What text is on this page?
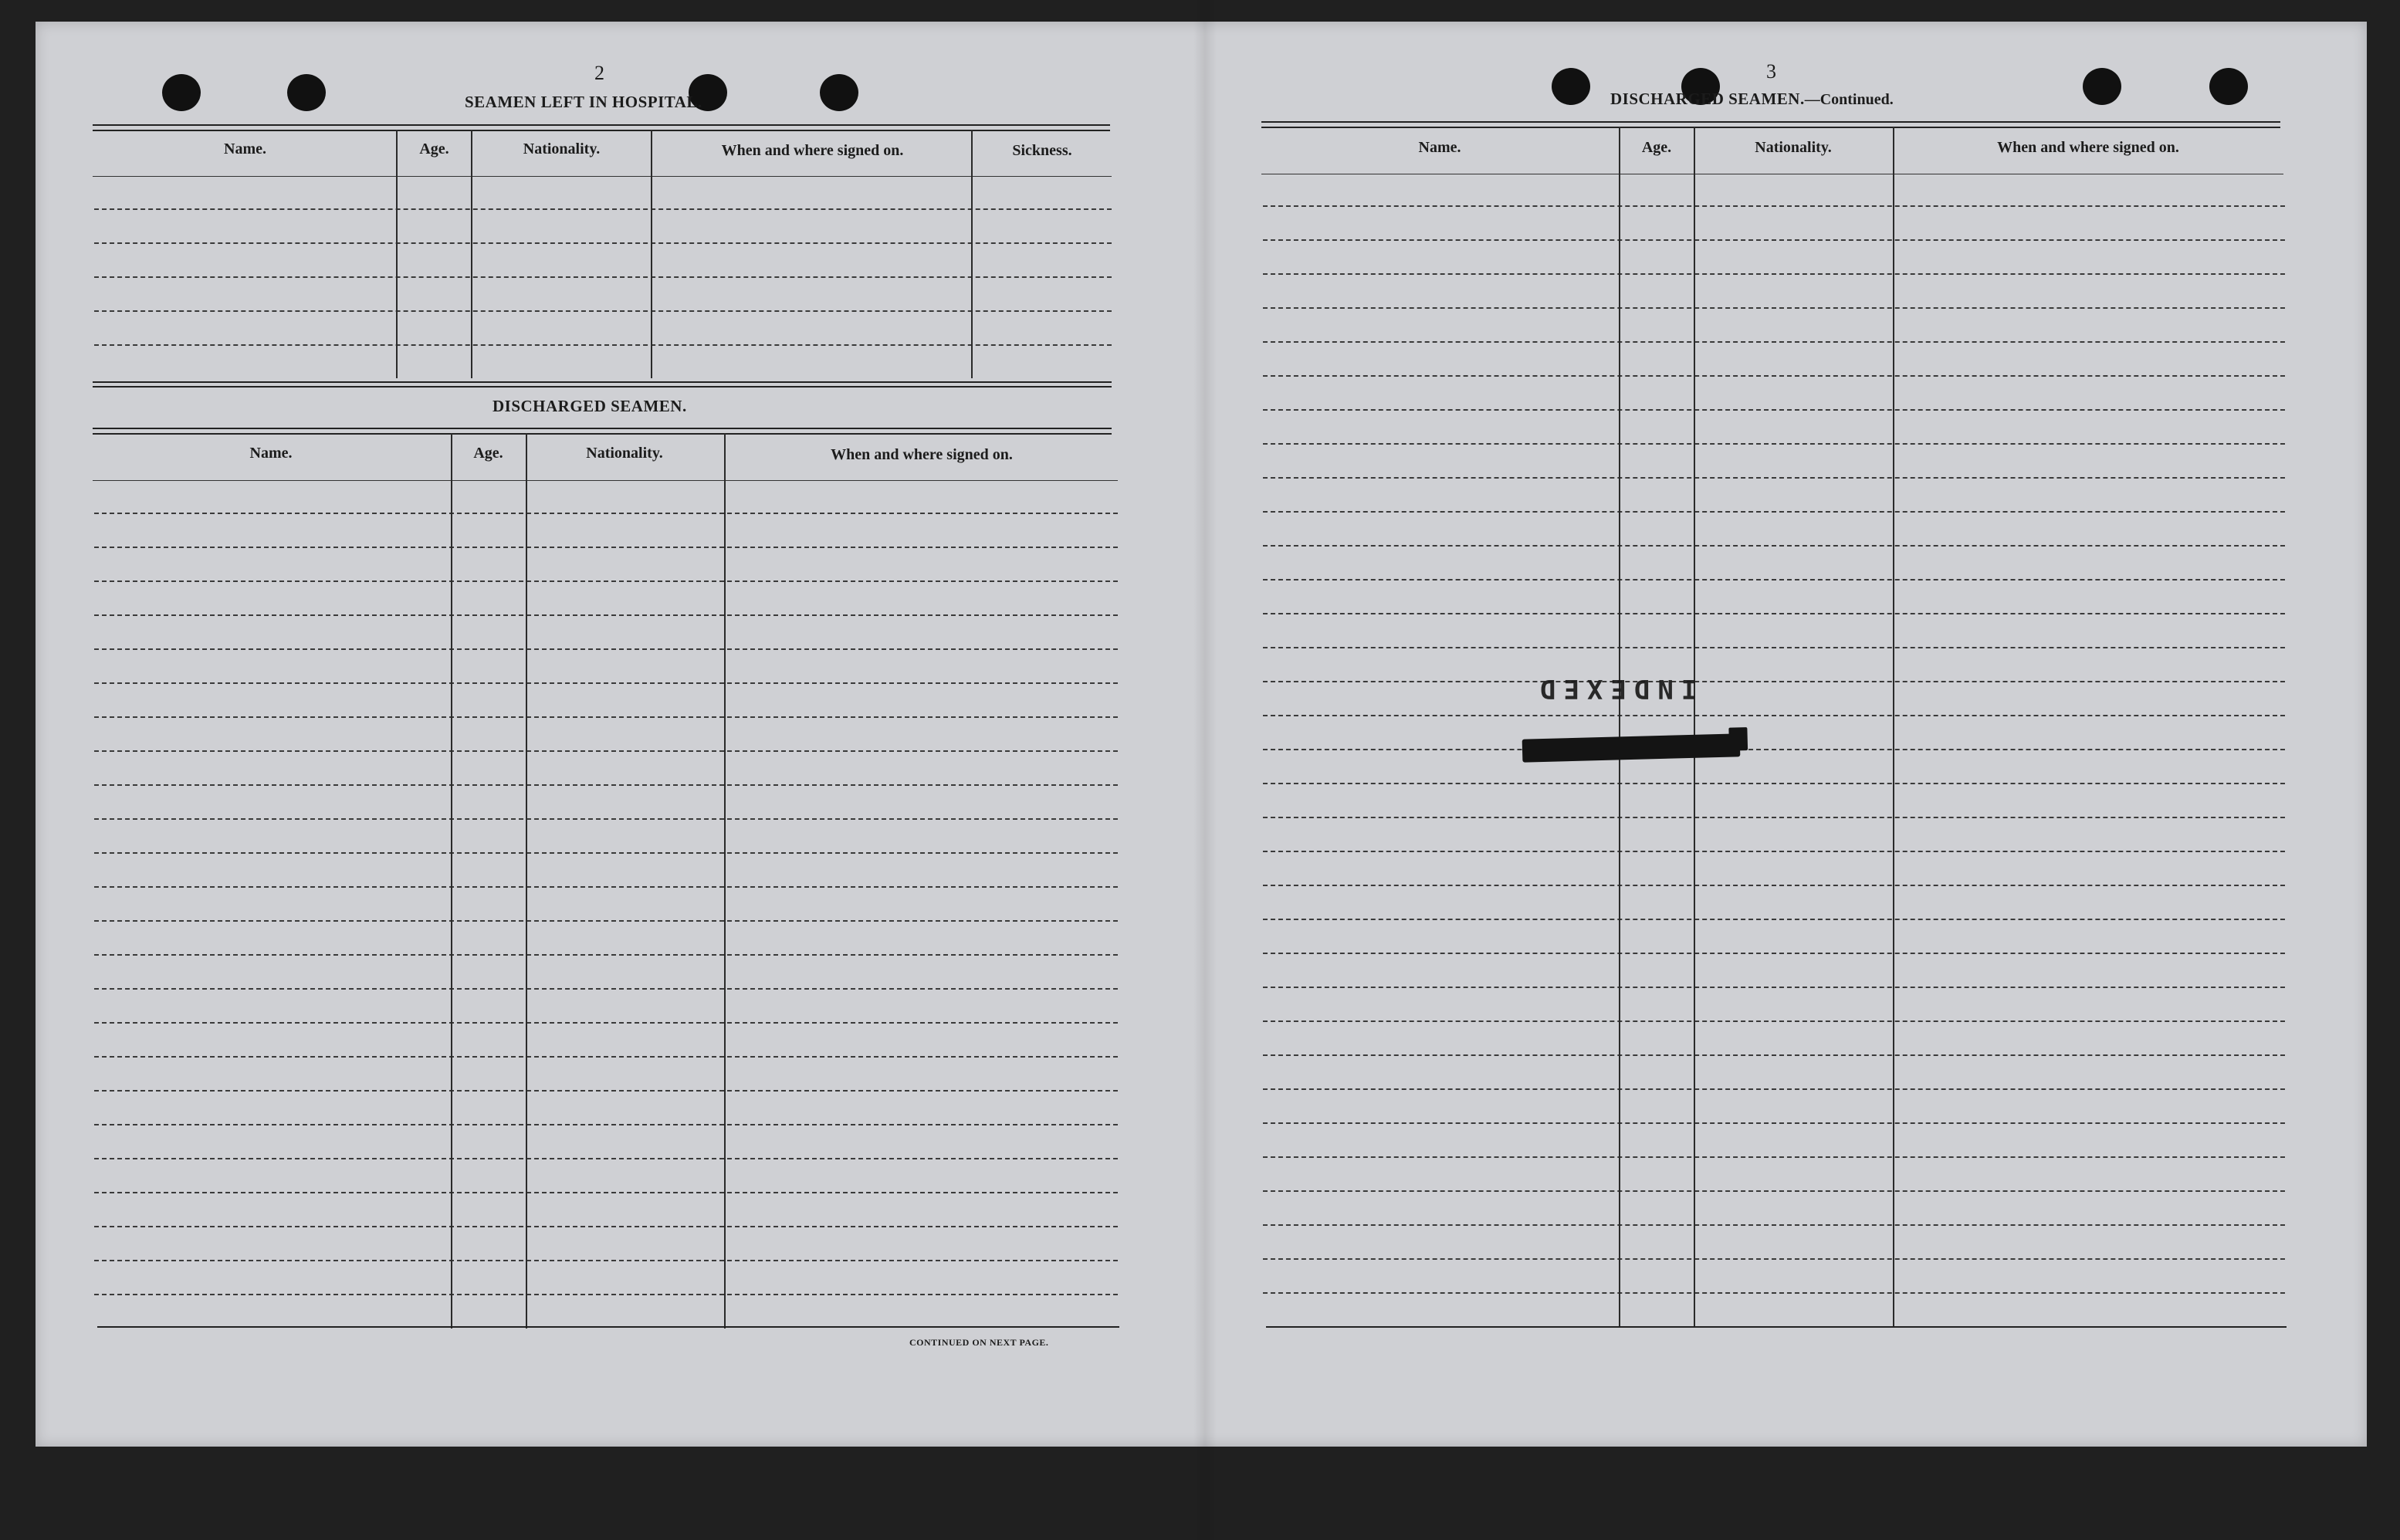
2
SEAMEN LEFT IN HOSPITAL.
Name.	Age.	Nationality.	When and where signed on.	Sickness.
DISCHARGED SEAMEN.
Name.	Age.	Nationality.	When and where signed on.
CONTINUED ON NEXT PAGE.
3
DISCHARGED SEAMEN.—Continued.
Name.	Age.	Nationality.	When and where signed on.
INDEXED
